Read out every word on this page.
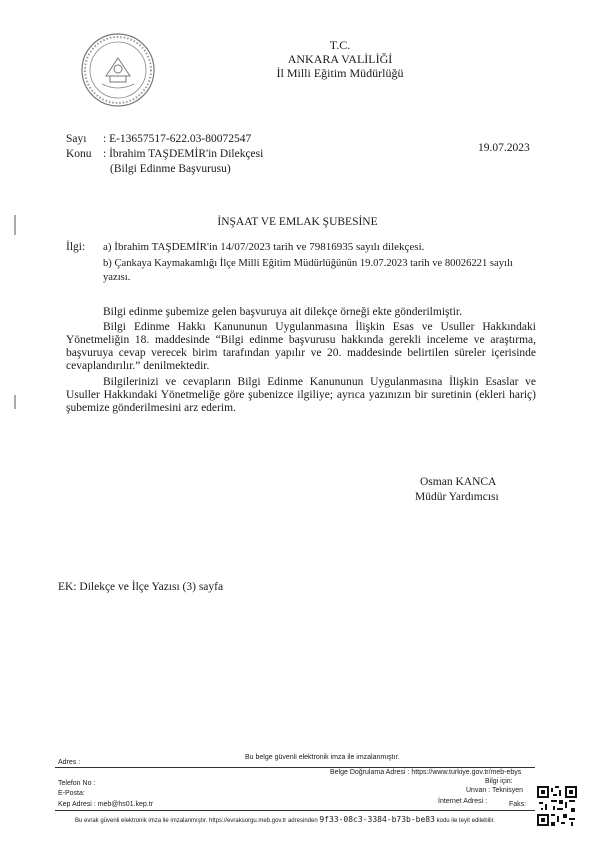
T.C.
ANKARA VALİLİĞİ
İl Milli Eğitim Müdürlüğü
Sayı : E-13657517-622.03-80072547
Konu : İbrahim TAŞDEMİR'in Dilekçesi
(Bilgi Edinme Başvurusu)
19.07.2023
İNŞAAT VE EMLAK ŞUBESİNE
İlgi: a) İbrahim TAŞDEMİR'in 14/07/2023 tarih ve 79816935 sayılı dilekçesi.
b) Çankaya Kaymakamlığı İlçe Milli Eğitim Müdürlüğünün 19.07.2023 tarih ve 80026221 sayılı
yazısı.
Bilgi edinme şubemize gelen başvuruya ait dilekçe örneği ekte gönderilmiştir.
Bilgi Edinme Hakkı Kanununun Uygulanmasına İlişkin Esas ve Usuller Hakkındaki Yönetmeliğin 18. maddesinde “Bilgi edinme başvurusu hakkında gerekli inceleme ve araştırma, başvuruya cevap verecek birim tarafından yapılır ve 20. maddesinde belirtilen süreler içerisinde cevaplandırılır.” denilmektedir.
Bilgilerinizi ve cevapların Bilgi Edinme Kanununun Uygulanmasına İlişkin Esaslar ve Usuller Hakkındaki Yönetmeliğe göre şubenizce ilgiliye; ayrıca yazınızın bir suretinin (ekleri hariç) şubemize gönderilmesini arz ederim.
Osman KANCA
Müdür Yardımcısı
EK: Dilekçe ve İlçe Yazısı (3) sayfa
Bu belge güvenli elektronik imza ile imzalanmıştır.
Adres :
Belge Doğrulama Adresi : https://www.turkiye.gov.tr/meb-ebys
Bilgi için:
Telefon No :
Unvan : Teknisyen
E-Posta:
İnternet Adresi :
Kep Adresi : meb@hs01.kep.tr	Faks:
Bu evrak güvenli elektronik imza ile imzalanmıştır. https://evraksorgu.meb.gov.tr adresinden 9f33-08c3-3384-b73b-be83 kodu ile teyit edilebilir.
